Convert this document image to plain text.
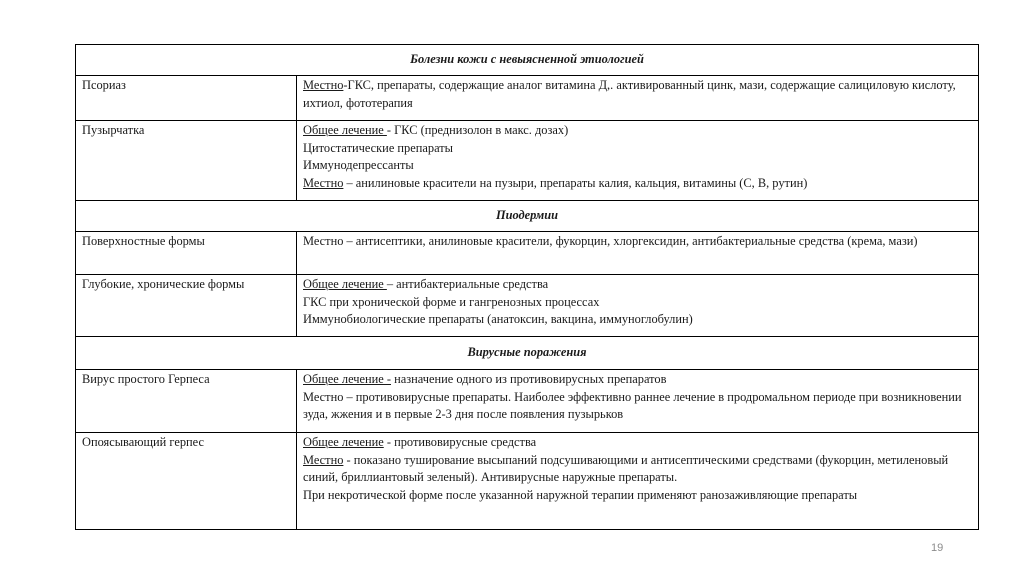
Болезни кожи с невыясненной этиологией	
Псориаз	Местно-ГКС, препараты, содержащие аналог витамина Д,. активированный цинк, мази, содержащие салициловую кислоту, ихтиол, фототерапия
Пузырчатка	Общее лечение - ГКС (преднизолон в макс. дозах)
Цитостатические препараты
Иммунодепрессанты
Местно – анилиновые красители на пузыри, препараты калия, кальция, витамины (С, В, рутин)

Пиодермии	
Поверхностные формы	Местно – антисептики, анилиновые красители, фукорцин, хлоргексидин, антибактериальные средства (крема, мази)
Глубокие, хронические формы	Общее лечение – антибактериальные средства
ГКС при хронической форме и гангренозных процессах
Иммунобиологические препараты (анатоксин, вакцина, иммуноглобулин)

Вирусные поражения	
Вирус простого Герпеса	Общее лечение - назначение одного из противовирусных препаратов
Местно – противовирусные препараты. Наиболее эффективно раннее лечение в продромальном периоде при возникновении зуда, жжения и в первые 2-3 дня после появления пузырьков

Опоясывающий герпес	Общее лечение - противовирусные средства
Местно - показано туширование высыпаний подсушивающими и антисептическими средствами (фукорцин, метиленовый синий, бриллиантовый зеленый). Антивирусные наружные препараты.
При некротической форме после указанной наружной терапии применяют ранозаживляющие препараты
19
